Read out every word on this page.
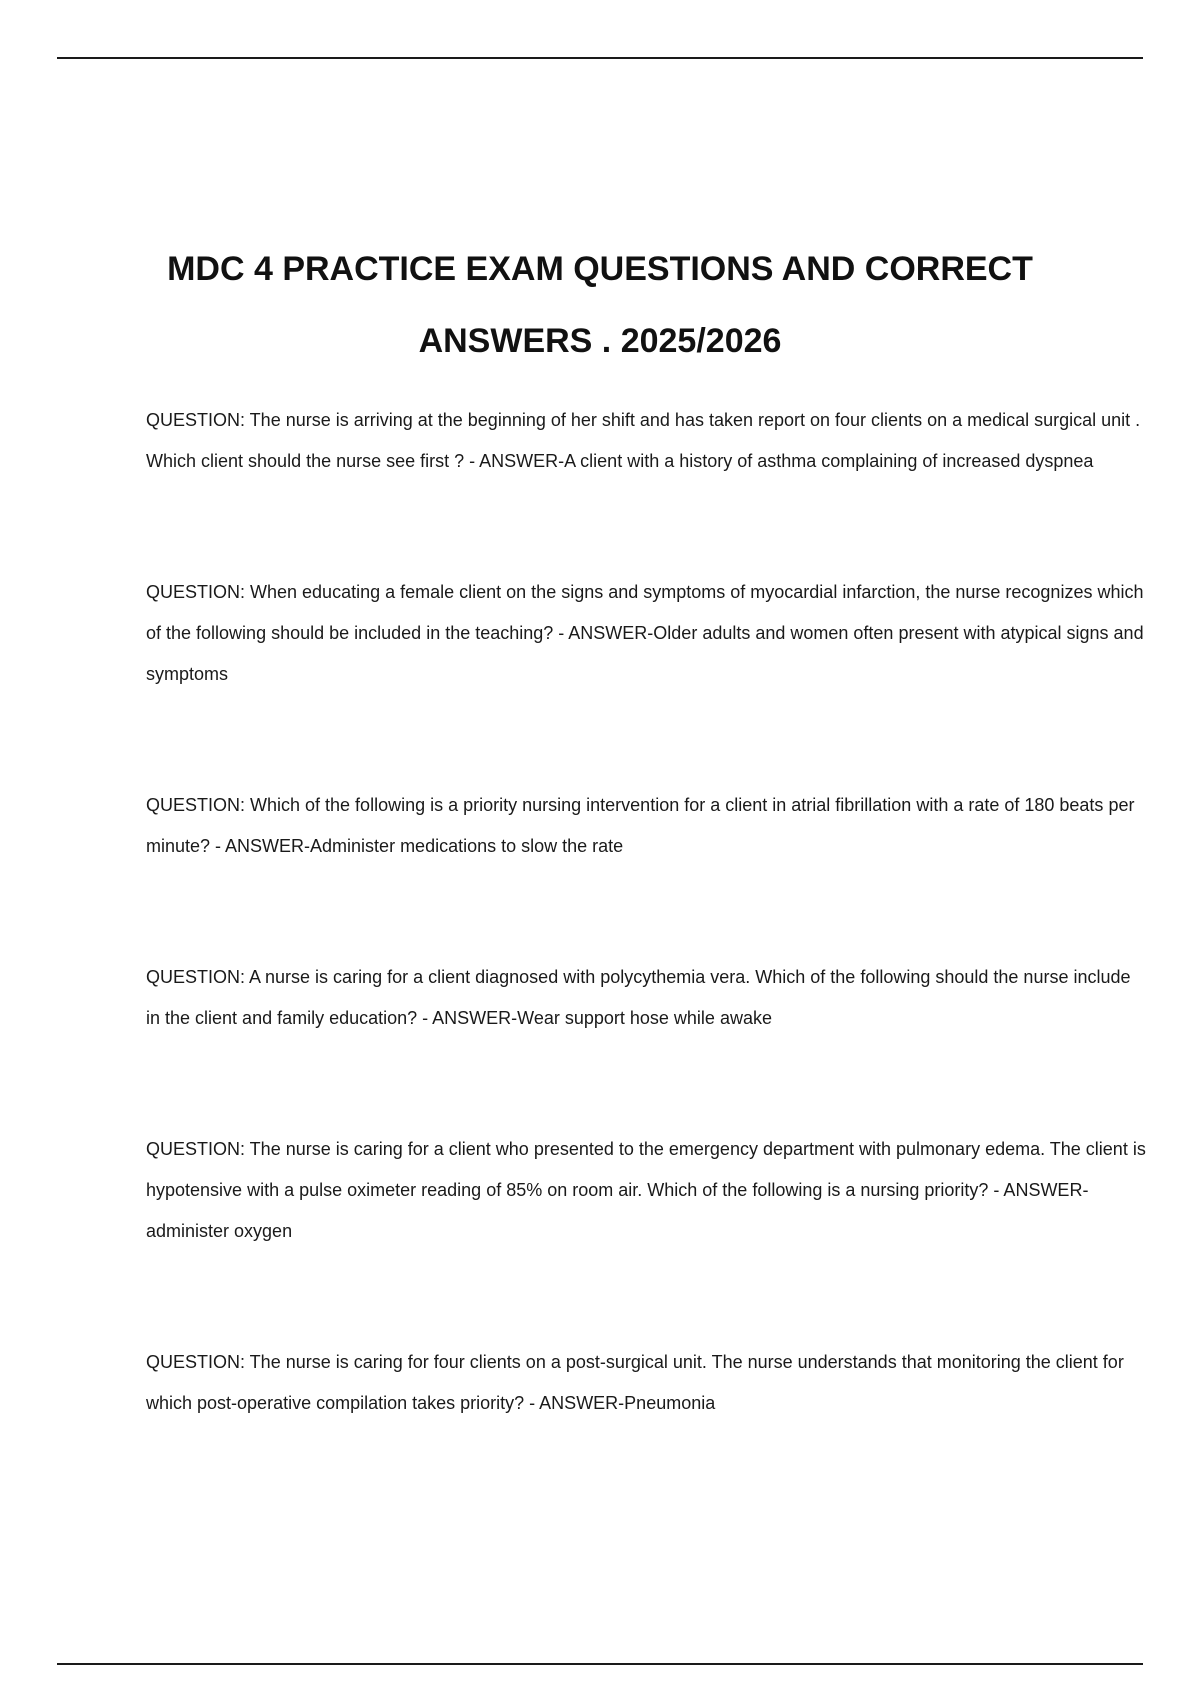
MDC 4 PRACTICE EXAM QUESTIONS AND CORRECT
ANSWERS . 2025/2026

QUESTION: The nurse is arriving at the beginning of her shift and has taken report on four clients on a medical surgical unit . Which client should the nurse see first ? - ANSWER-A client with a history of asthma complaining of increased dyspnea

QUESTION: When educating a female client on the signs and symptoms of myocardial infarction, the nurse recognizes which of the following should be included in the teaching? - ANSWER-Older adults and women often present with atypical signs and symptoms

QUESTION: Which of the following is a priority nursing intervention for a client in atrial fibrillation with a rate of 180 beats per minute? - ANSWER-Administer medications to slow the rate

QUESTION: A nurse is caring for a client diagnosed with polycythemia vera. Which of the following should the nurse include in the client and family education? - ANSWER-Wear support hose while awake

QUESTION: The nurse is caring for a client who presented to the emergency department with pulmonary edema. The client is hypotensive with a pulse oximeter reading of 85% on room air. Which of the following is a nursing priority? - ANSWER-administer oxygen

QUESTION: The nurse is caring for four clients on a post-surgical unit. The nurse understands that monitoring the client for which post-operative compilation takes priority? - ANSWER-Pneumonia
